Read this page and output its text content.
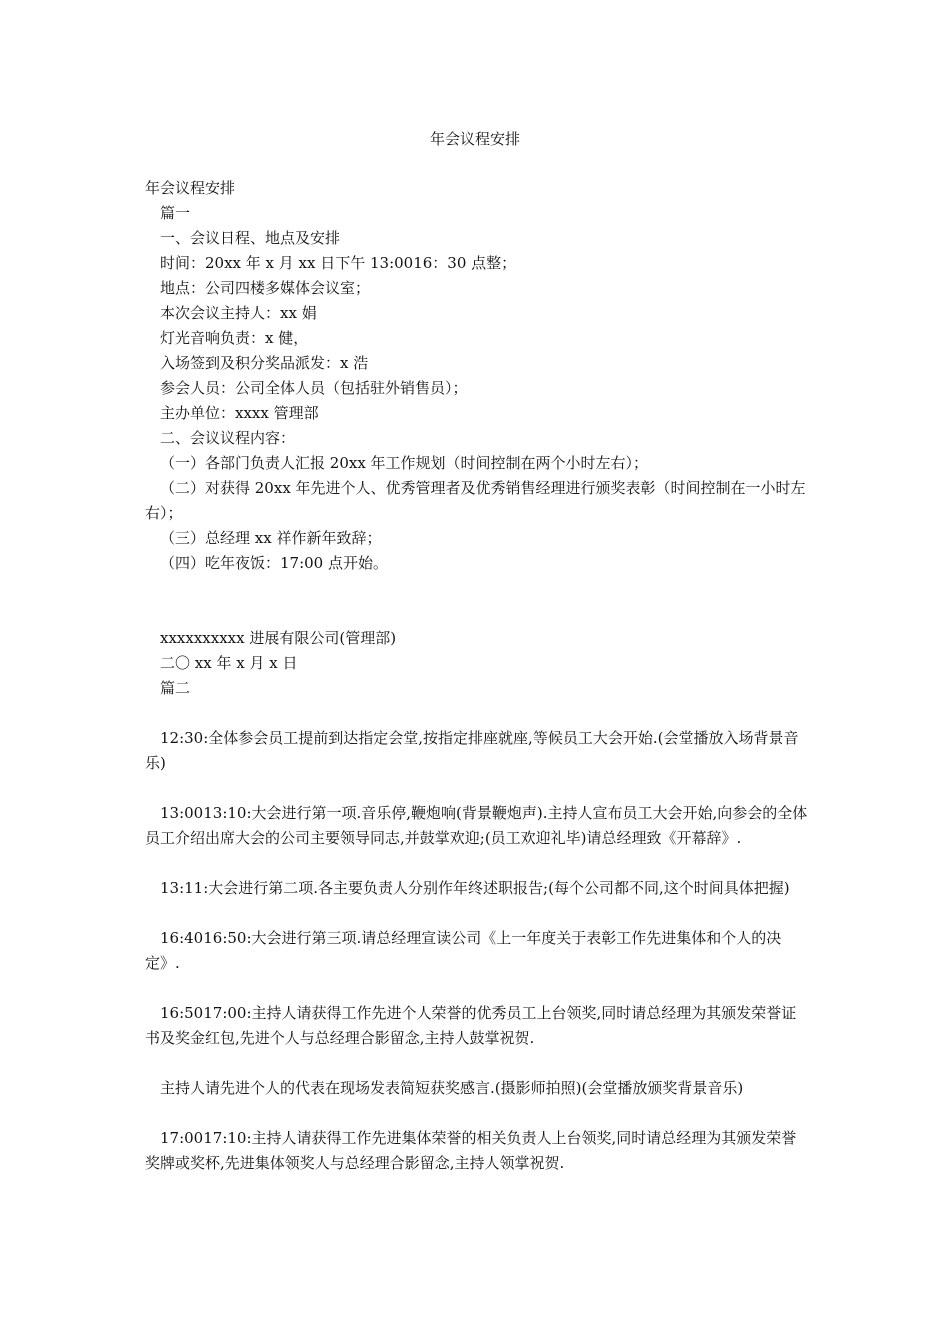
年会议程安排
年会议程安排
篇一
一、会议日程、地点及安排
时间：20xx 年 x 月 xx 日下午 13:0016：30 点整；
地点：公司四楼多媒体会议室；
本次会议主持人：xx 娟
灯光音响负责：x 健，
入场签到及积分奖品派发：x 浩
参会人员：公司全体人员（包括驻外销售员）；
主办单位：xxxx 管理部
二、会议议程内容：
（一）各部门负责人汇报 20xx 年工作规划（时间控制在两个小时左右）；
（二）对获得 20xx 年先进个人、优秀管理者及优秀销售经理进行颁奖表彰（时间控制在一小时左右）；
（三）总经理 xx 祥作新年致辞；
（四）吃年夜饭：17:00 点开始。
xxxxxxxxxx 进展有限公司(管理部)
二〇 xx 年 x 月 x 日
篇二
12:30:全体参会员工提前到达指定会堂,按指定排座就座,等候员工大会开始.(会堂播放入场背景音乐)
13:0013:10:大会进行第一项.音乐停,鞭炮响(背景鞭炮声).主持人宣布员工大会开始,向参会的全体员工介绍出席大会的公司主要领导同志,并鼓掌欢迎;(员工欢迎礼毕)请总经理致《开幕辞》.
13:11:大会进行第二项.各主要负责人分别作年终述职报告;(每个公司都不同,这个时间具体把握)
16:4016:50:大会进行第三项.请总经理宣读公司《上一年度关于表彰工作先进集体和个人的决定》.
16:5017:00:主持人请获得工作先进个人荣誉的优秀员工上台领奖,同时请总经理为其颁发荣誉证书及奖金红包,先进个人与总经理合影留念,主持人鼓掌祝贺.
主持人请先进个人的代表在现场发表简短获奖感言.(摄影师拍照)(会堂播放颁奖背景音乐)
17:0017:10:主持人请获得工作先进集体荣誉的相关负责人上台领奖,同时请总经理为其颁发荣誉奖牌或奖杯,先进集体领奖人与总经理合影留念,主持人领掌祝贺.
